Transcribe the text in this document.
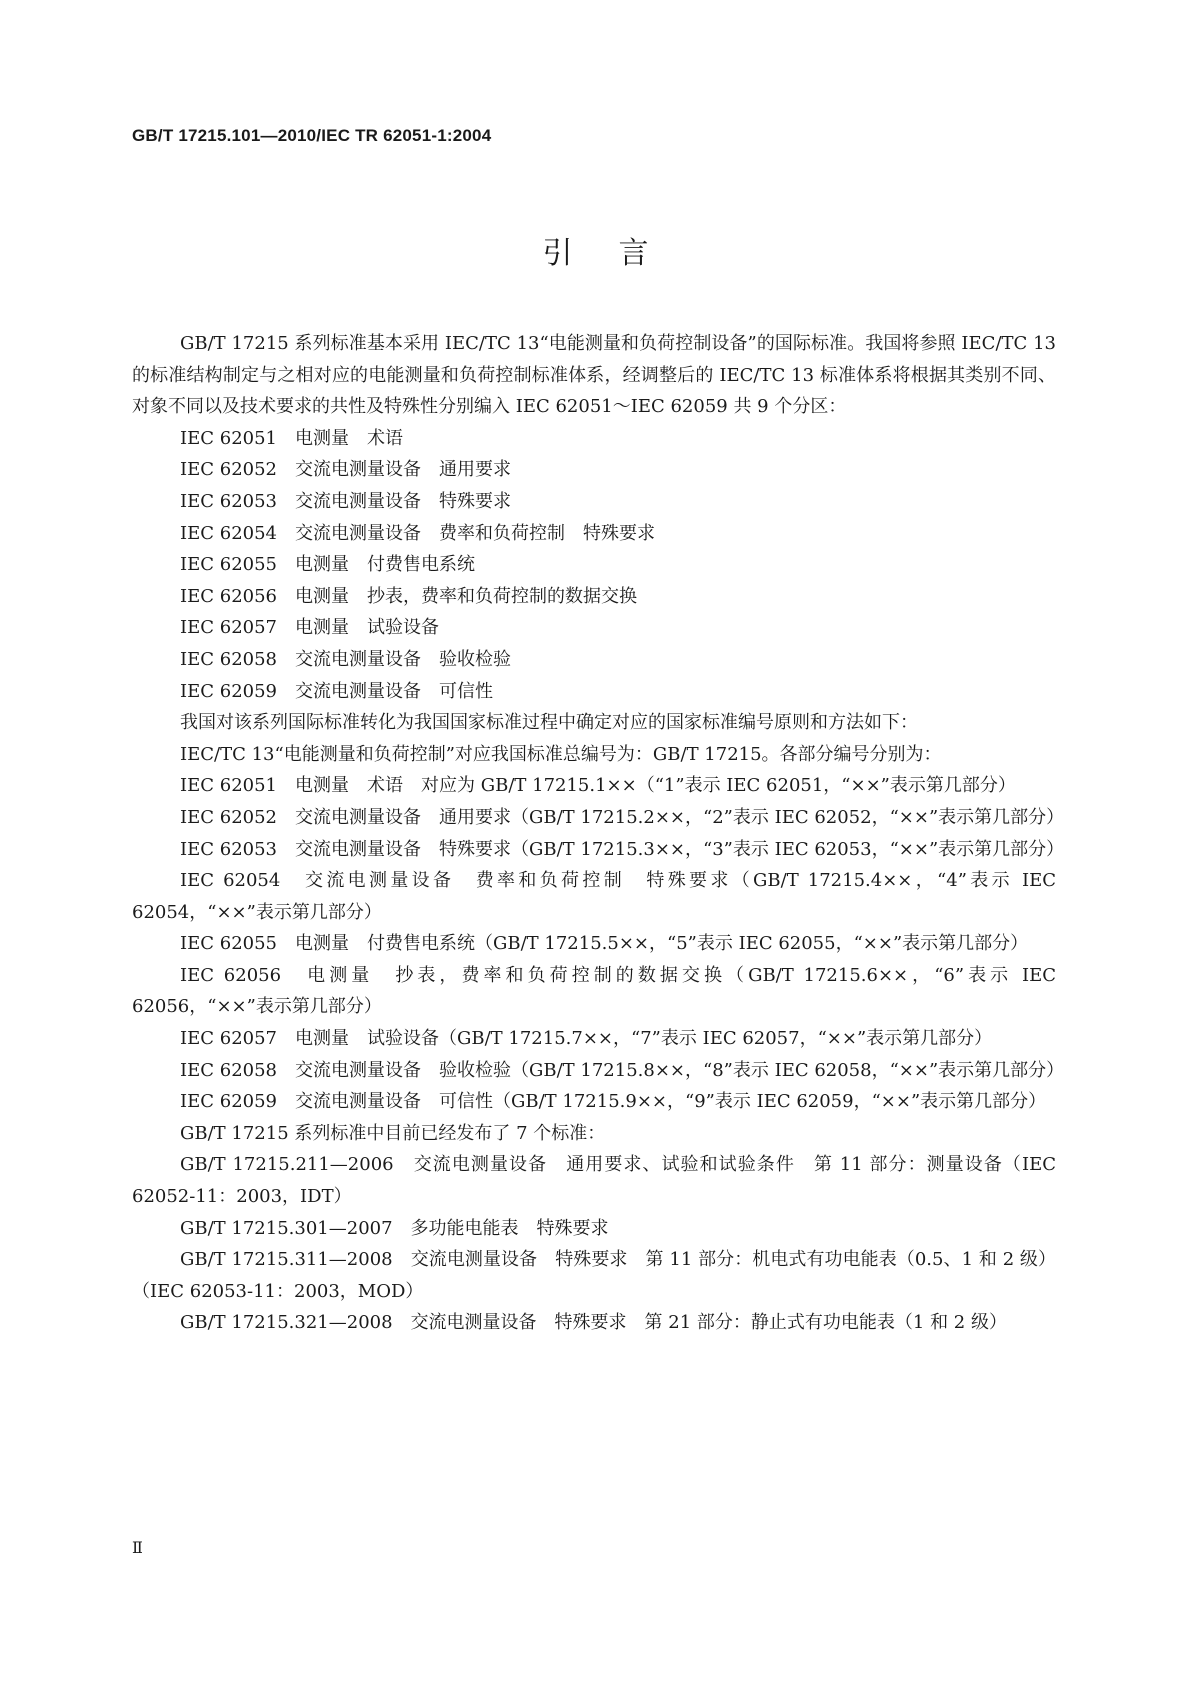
GB/T 17215.101—2010/IEC TR 62051-1:2004
引言

GB/T 17215 系列标准基本采用 IEC/TC 13“电能测量和负荷控制设备”的国际标准。我国将参照 IEC/TC 13 的标准结构制定与之相对应的电能测量和负荷控制标准体系，经调整后的 IEC/TC 13 标准体系将根据其类别不同、对象不同以及技术要求的共性及特殊性分别编入 IEC 62051～IEC 62059 共 9 个分区：

IEC 62051　电测量　术语

IEC 62052　交流电测量设备　通用要求

IEC 62053　交流电测量设备　特殊要求

IEC 62054　交流电测量设备　费率和负荷控制　特殊要求

IEC 62055　电测量　付费售电系统

IEC 62056　电测量　抄表，费率和负荷控制的数据交换

IEC 62057　电测量　试验设备

IEC 62058　交流电测量设备　验收检验

IEC 62059　交流电测量设备　可信性

我国对该系列国际标准转化为我国国家标准过程中确定对应的国家标准编号原则和方法如下：

IEC/TC 13“电能测量和负荷控制”对应我国标准总编号为：GB/T 17215。各部分编号分别为：

IEC 62051　电测量　术语　对应为 GB/T 17215.1××（“1”表示 IEC 62051，“××”表示第几部分）

IEC 62052　交流电测量设备　通用要求（GB/T 17215.2××，“2”表示 IEC 62052，“××”表示第几部分）

IEC 62053　交流电测量设备　特殊要求（GB/T 17215.3××，“3”表示 IEC 62053，“××”表示第几部分）

IEC 62054　交流电测量设备　费率和负荷控制　特殊要求（GB/T 17215.4××，“4”表示 IEC 62054，“××”表示第几部分）

IEC 62055　电测量　付费售电系统（GB/T 17215.5××，“5”表示 IEC 62055，“××”表示第几部分）

IEC 62056　电测量　抄表，费率和负荷控制的数据交换（GB/T 17215.6××，“6”表示 IEC 62056，“××”表示第几部分）

IEC 62057　电测量　试验设备（GB/T 17215.7××，“7”表示 IEC 62057，“××”表示第几部分）

IEC 62058　交流电测量设备　验收检验（GB/T 17215.8××，“8”表示 IEC 62058，“××”表示第几部分）

IEC 62059　交流电测量设备　可信性（GB/T 17215.9××，“9”表示 IEC 62059，“××”表示第几部分）

GB/T 17215 系列标准中目前已经发布了 7 个标准：

GB/T 17215.211—2006　交流电测量设备　通用要求、试验和试验条件　第 11 部分：测量设备（IEC 62052-11：2003，IDT）

GB/T 17215.301—2007　多功能电能表　特殊要求

GB/T 17215.311—2008　交流电测量设备　特殊要求　第 11 部分：机电式有功电能表（0.5、1 和 2 级）（IEC 62053-11：2003，MOD）

GB/T 17215.321—2008　交流电测量设备　特殊要求　第 21 部分：静止式有功电能表（1 和 2 级）

Ⅱ
